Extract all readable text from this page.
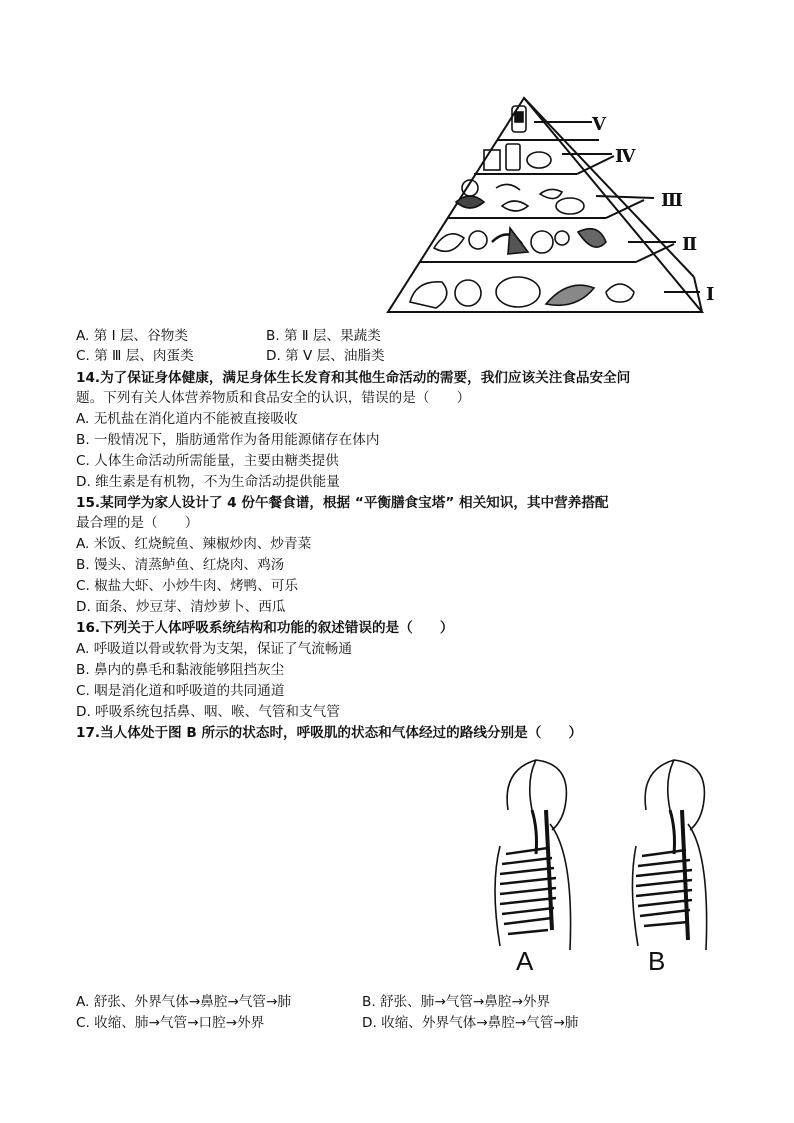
Ⅴ
Ⅳ
Ⅲ
Ⅱ
Ⅰ
A. 第 Ⅰ 层、谷物类	B. 第 Ⅱ 层、果蔬类
C. 第 Ⅲ 层、肉蛋类	D. 第 Ⅴ 层、油脂类
14.为了保证身体健康，满足身体生长发育和其他生命活动的需要，我们应该关注食品安全问
题。下列有关人体营养物质和食品安全的认识，错误的是（　　）
A. 无机盐在消化道内不能被直接吸收
B. 一般情况下，脂肪通常作为备用能源储存在体内
C. 人体生命活动所需能量，主要由糖类提供
D. 维生素是有机物，不为生命活动提供能量
15.某同学为家人设计了 4 份午餐食谱，根据 “平衡膳食宝塔” 相关知识，其中营养搭配
最合理的是（　　）
A. 米饭、红烧鲩鱼、辣椒炒肉、炒青菜
B. 馒头、清蒸鲈鱼、红烧肉、鸡汤
C. 椒盐大虾、小炒牛肉、烤鸭、可乐
D. 面条、炒豆芽、清炒萝卜、西瓜
16.下列关于人体呼吸系统结构和功能的叙述错误的是（　　）
A. 呼吸道以骨或软骨为支架，保证了气流畅通
B. 鼻内的鼻毛和黏液能够阻挡灰尘
C. 咽是消化道和呼吸道的共同通道
D. 呼吸系统包括鼻、咽、喉、气管和支气管
17.当人体处于图 B 所示的状态时，呼吸肌的状态和气体经过的路线分别是（　　）
A	B
A. 舒张、外界气体→鼻腔→气管→肺	B. 舒张、肺→气管→鼻腔→外界
C. 收缩、肺→气管→口腔→外界	D. 收缩、外界气体→鼻腔→气管→肺
